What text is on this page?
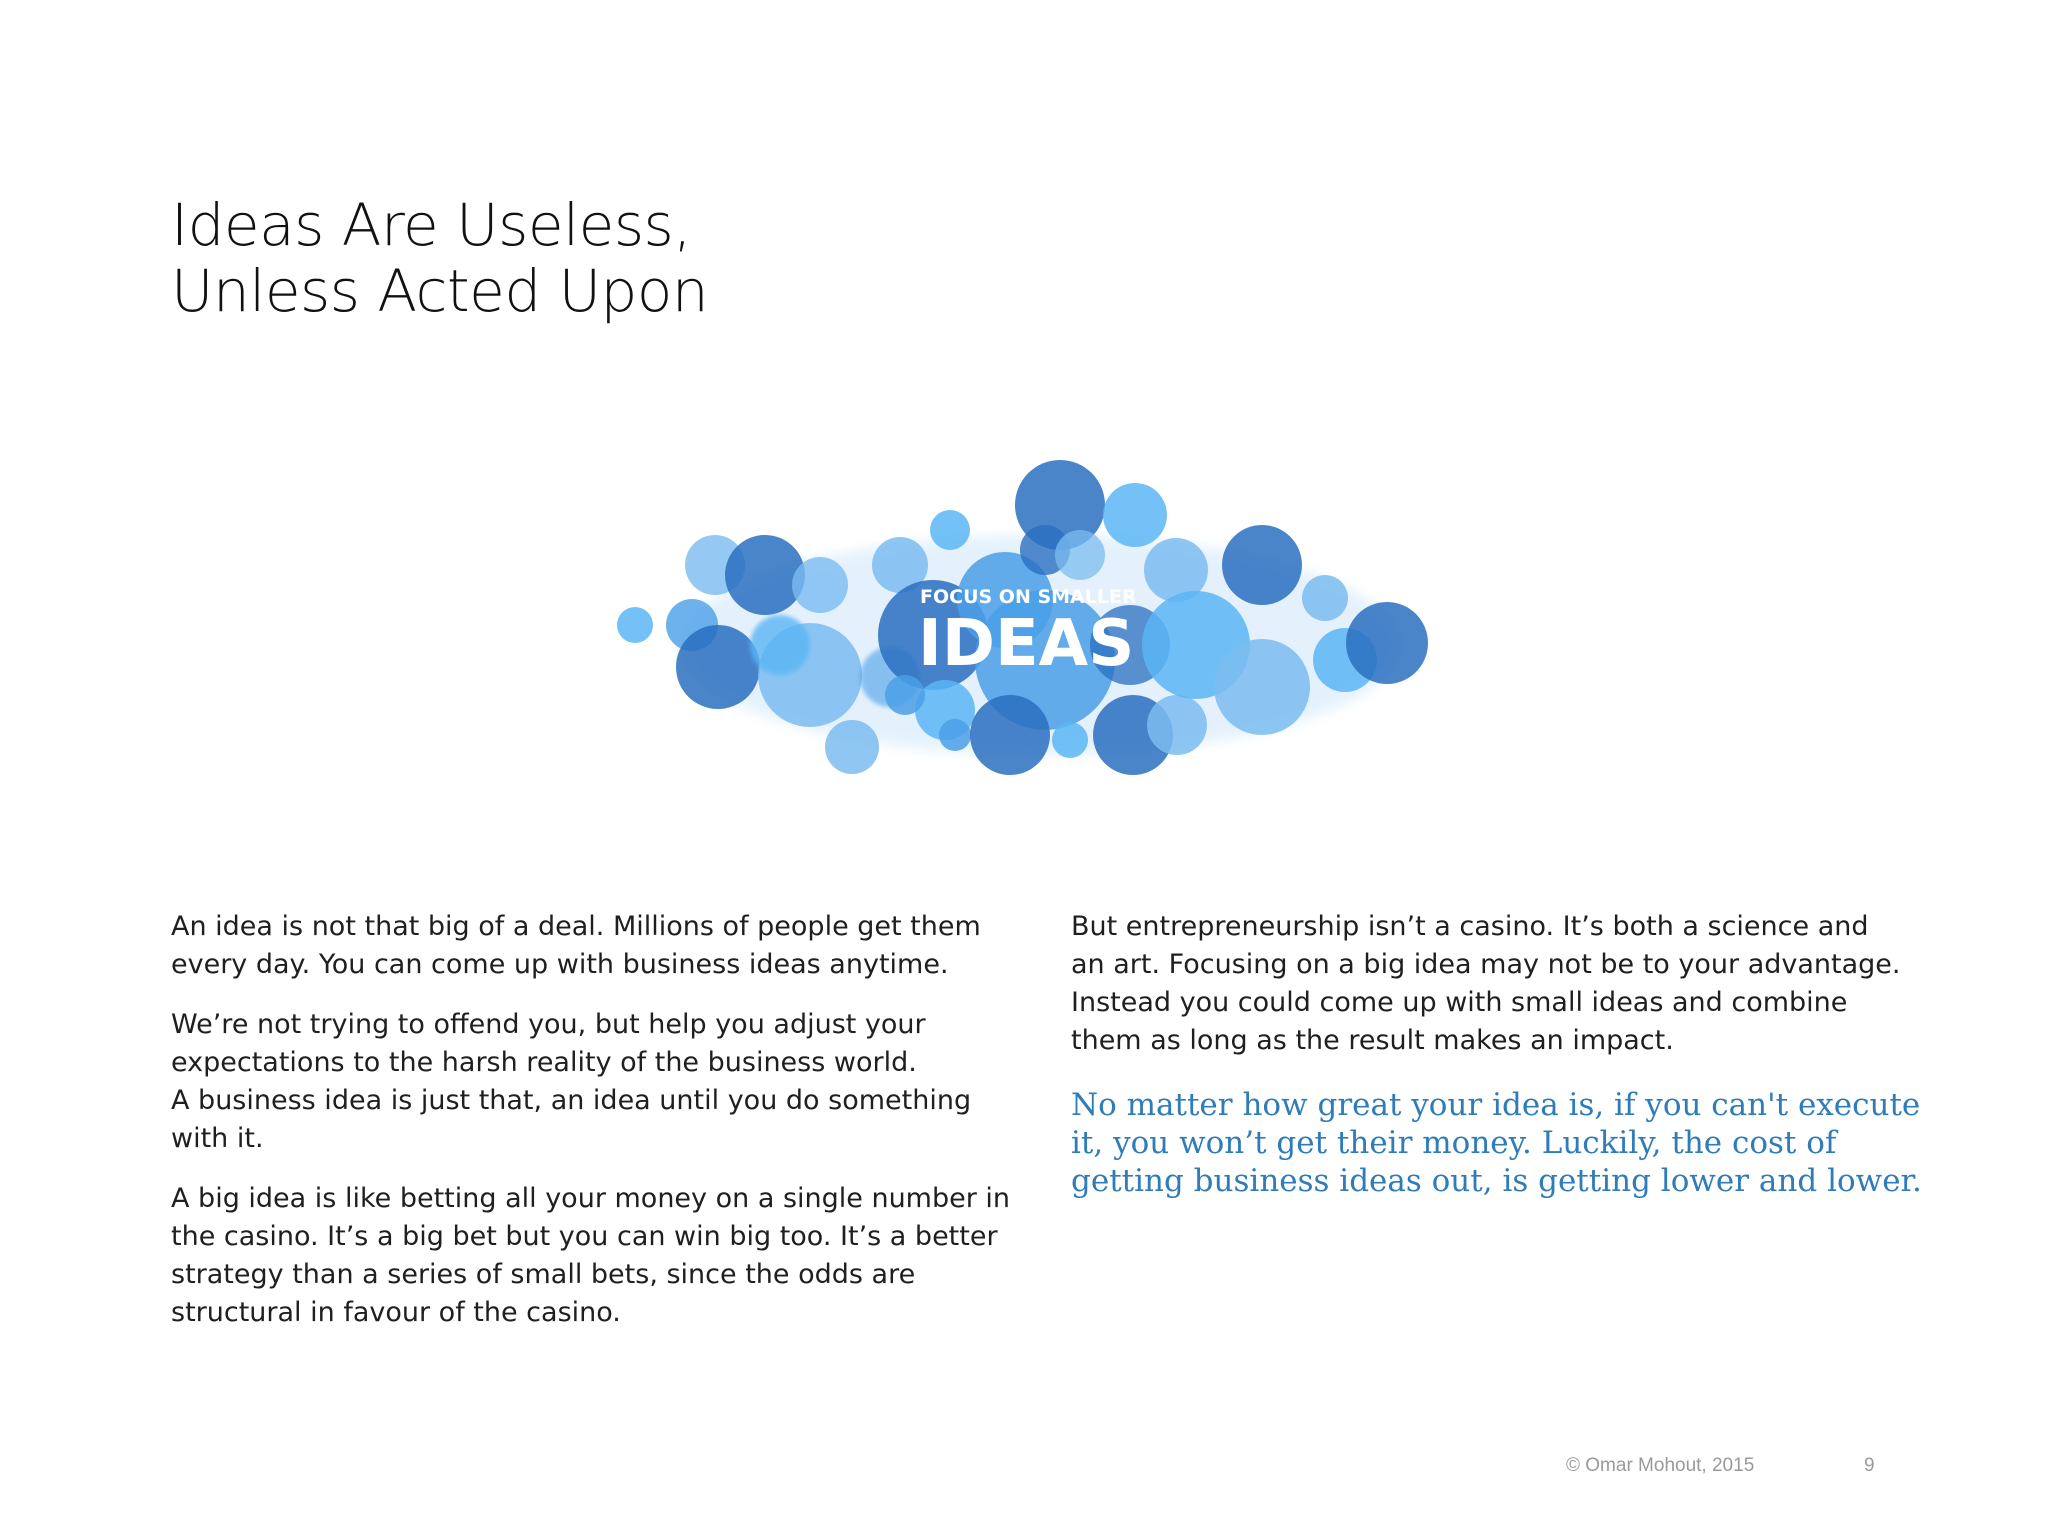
Ideas Are Useless,
Unless Acted Upon
FOCUS ON SMALLER
IDEAS

An idea is not that big of a deal. Millions of people get them
every day. You can come up with business ideas anytime.

We’re not trying to offend you, but help you adjust your
expectations to the harsh reality of the business world.
A business idea is just that, an idea until you do something
with it.

A big idea is like betting all your money on a single number in
the casino. It’s a big bet but you can win big too. It’s a better
strategy than a series of small bets, since the odds are
structural in favour of the casino.

But entrepreneurship isn’t a casino. It’s both a science and
an art. Focusing on a big idea may not be to your advantage.
Instead you could come up with small ideas and combine
them as long as the result makes an impact.

No matter how great your idea is, if you can't execute
it, you won’t get their money. Luckily, the cost of
getting business ideas out, is getting lower and lower.
© Omar Mohout, 2015	9
